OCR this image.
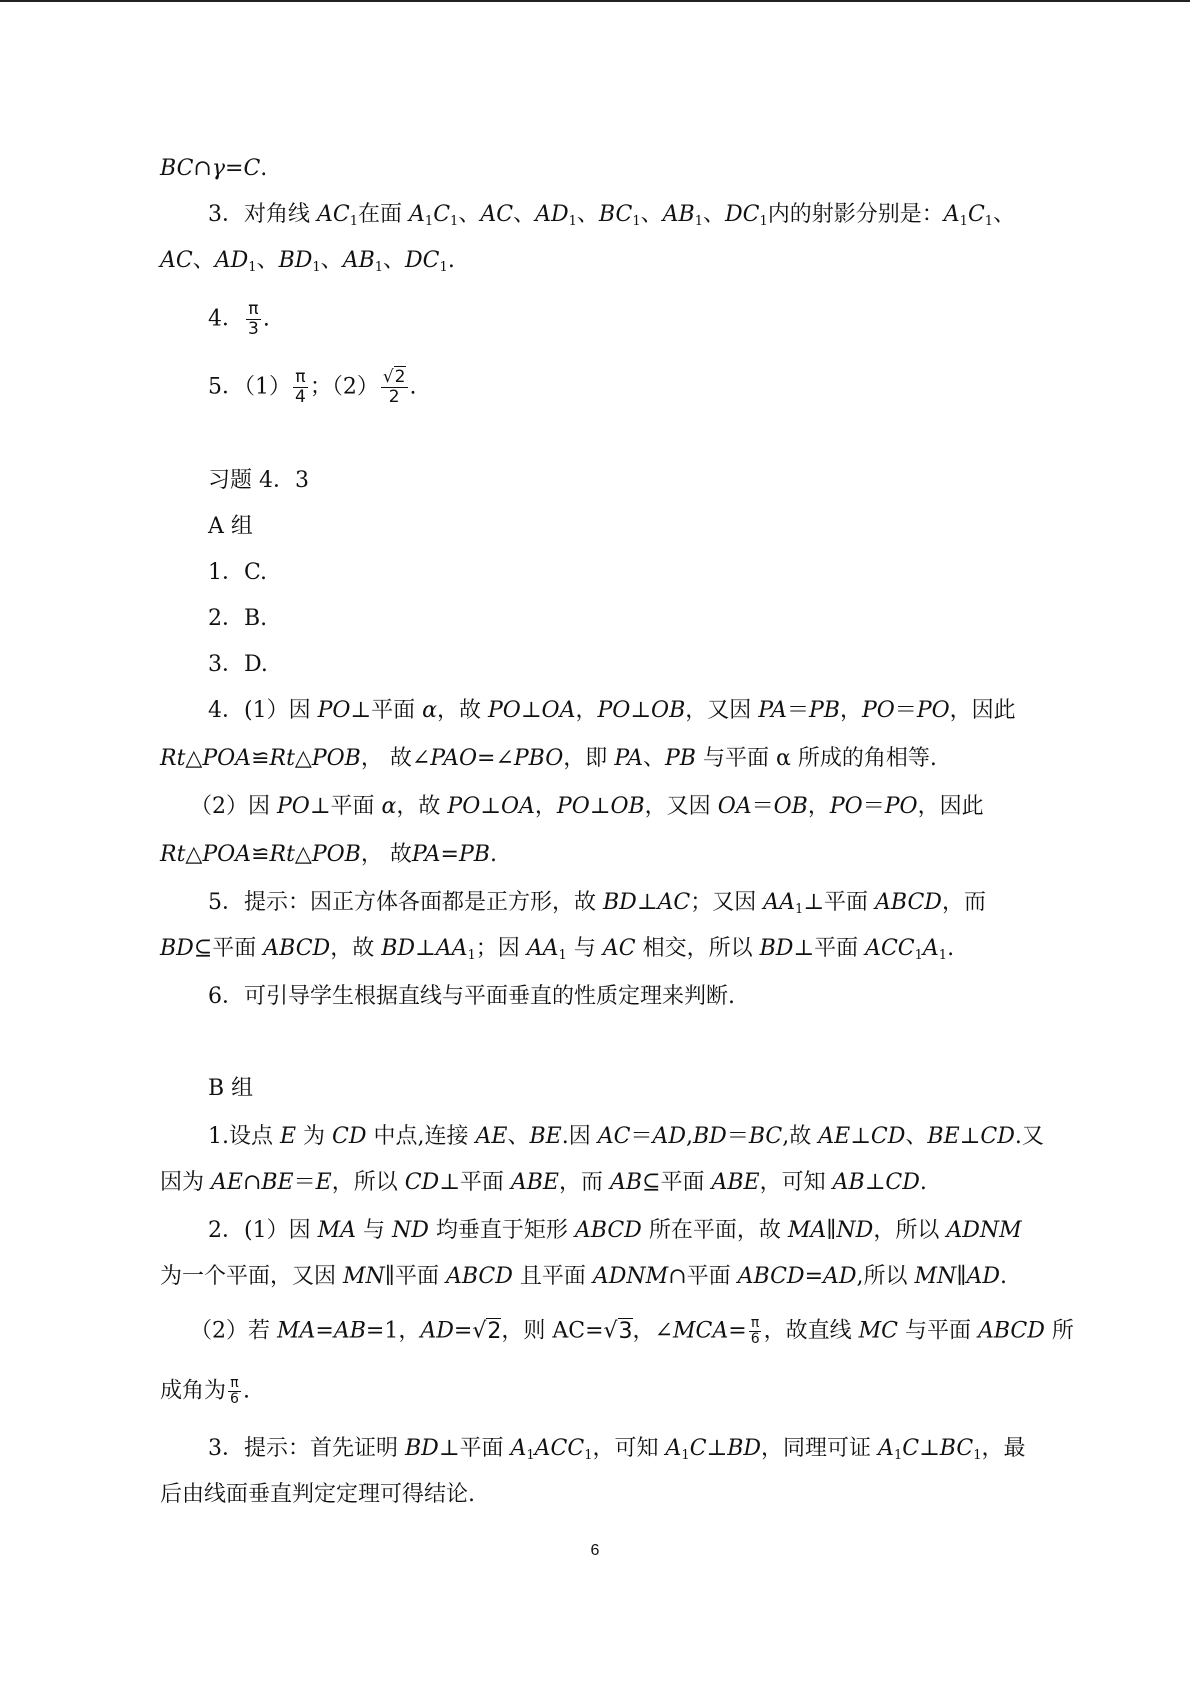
BC∩γ=C.
3．对角线 $AC_1$在面 $A_1C_1$、AC、$AD_1$、$BC_1$、$AB_1$、$DC_1$内的射影分别是：$A_1C_1$、
AC、$AD_1$、$BD_1$、$AB_1$、$DC_1$.
4． $\frac{\pi}{3}$ .
5．$(1) \frac{\pi}{4}$ ；$(2) \frac{√2}{2}$ .
习题 4．3
A 组
1．C.
2．B.
3．D.
4．(1）因 PO⊥平面 α，故 PO⊥OA，PO⊥OB，又因 PA＝PB，PO＝PO，因此
Rt△POA≌Rt△POB， 故∠PAO=∠PBO，即 PA、PB 与平面 α 所成的角相等.
（2）因 PO⊥平面 α，故 PO⊥OA，PO⊥OB，又因 OA＝OB，PO＝PO，因此
Rt△POA≌Rt△POB， 故PA=PB.
5．提示：因正方体各面都是正方形，故 BD⊥AC；又因 $AA_1\perp$平面 ABCD，而
BD⊆平面 ABCD，故 $BD\perp AA_1$；因 $AA_1$ 与 AC 相交，所以 BD⊥平面 $ACC_1A_1$.
6．可引导学生根据直线与平面垂直的性质定理来判断.
B 组
1.设点 E 为 CD 中点,连接 AE、BE.因 AC＝AD,BD＝BC,故 AE⊥CD、BE⊥CD.又
因为 AE∩BE＝E，所以 CD⊥平面 ABE，而 AB⊆平面 ABE，可知 AB⊥CD.
2．(1）因 MA 与 ND 均垂直于矩形 ABCD 所在平面，故 MA∥ND，所以 ADNM
为一个平面，又因 MN∥平面 ABCD 且平面 ADNM∩平面 ABCD=AD,所以 MN∥AD.
（2）若 MA=AB=1，AD=√2，则 AC=√3，∠MCA= $\frac{\pi}{6}$ ，故直线 MC 与平面 ABCD 所
成角为 $\frac{\pi}{6}$ .
3．提示：首先证明 BD⊥平面 $A_1ACC_1$，可知 $A_1C\perp BD$，同理可证 $A_1C\perp BC_1$，最
后由线面垂直判定定理可得结论.
6
